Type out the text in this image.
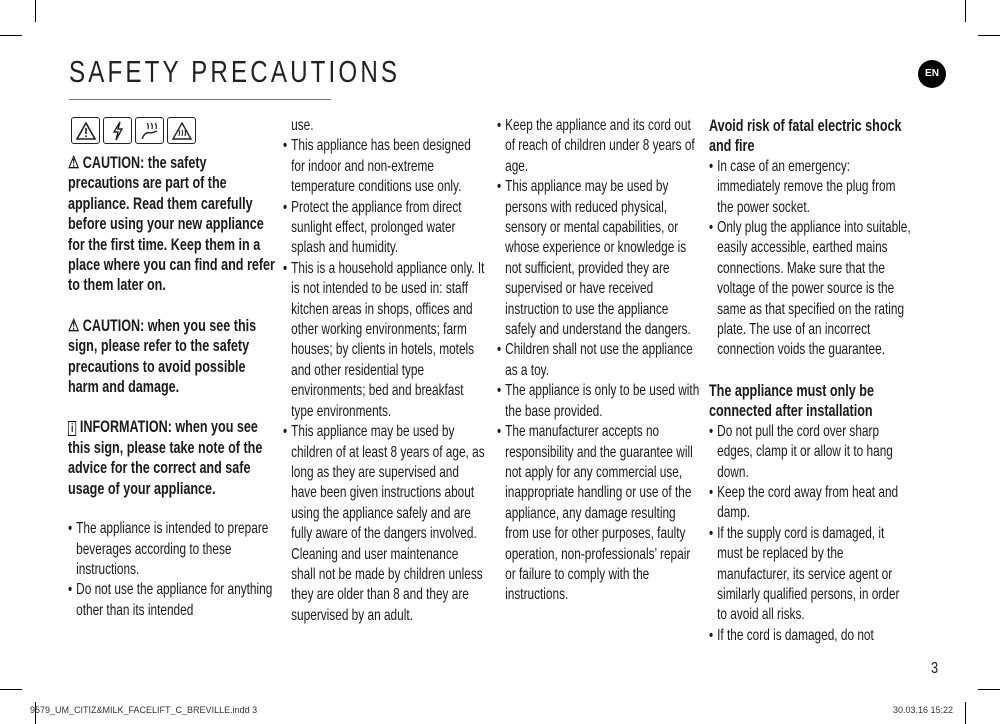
SAFETY PRECAUTIONS	EN
⚠ CAUTION: the safety precautions are part of the appliance. Read them carefully before using your new appliance for the first time. Keep them in a place where you can find and refer to them later on.
⚠ CAUTION: when you see this sign, please refer to the safety precautions to avoid possible harm and damage.
i INFORMATION: when you see this sign, please take note of the advice for the correct and safe usage of your appliance.
• The appliance is intended to prepare beverages according to these instructions.
• Do not use the appliance for anything other than its intended
use.
• This appliance has been designed for indoor and non-extreme temperature conditions use only.
• Protect the appliance from direct sunlight effect, prolonged water splash and humidity.
• This is a household appliance only. It is not intended to be used in: staff kitchen areas in shops, offices and other working environments; farm houses; by clients in hotels, motels and other residential type environments; bed and breakfast type environments.
• This appliance may be used by children of at least 8 years of age, as long as they are supervised and have been given instructions about using the appliance safely and are fully aware of the dangers involved. Cleaning and user maintenance shall not be made by children unless they are older than 8 and they are supervised by an adult.
• Keep the appliance and its cord out of reach of children under 8 years of age.
• This appliance may be used by persons with reduced physical, sensory or mental capabilities, or whose experience or knowledge is not sufficient, provided they are supervised or have received instruction to use the appliance safely and understand the dangers.
• Children shall not use the appliance as a toy.
• The appliance is only to be used with the base provided.
• The manufacturer accepts no responsibility and the guarantee will not apply for any commercial use, inappropriate handling or use of the appliance, any damage resulting from use for other purposes, faulty operation, non-professionals’ repair or failure to comply with the instructions.
Avoid risk of fatal electric shock and fire
• In case of an emergency: immediately remove the plug from the power socket.
• Only plug the appliance into suitable, easily accessible, earthed mains connections. Make sure that the voltage of the power source is the same as that specified on the rating plate. The use of an incorrect connection voids the guarantee.
The appliance must only be connected after installation
• Do not pull the cord over sharp edges, clamp it or allow it to hang down.
• Keep the cord away from heat and damp.
• If the supply cord is damaged, it must be replaced by the manufacturer, its service agent or similarly qualified persons, in order to avoid all risks.
• If the cord is damaged, do not
3
9579_UM_CITIZ&MILK_FACELIFT_C_BREVILLE.indd 3	30.03.16 15:22
